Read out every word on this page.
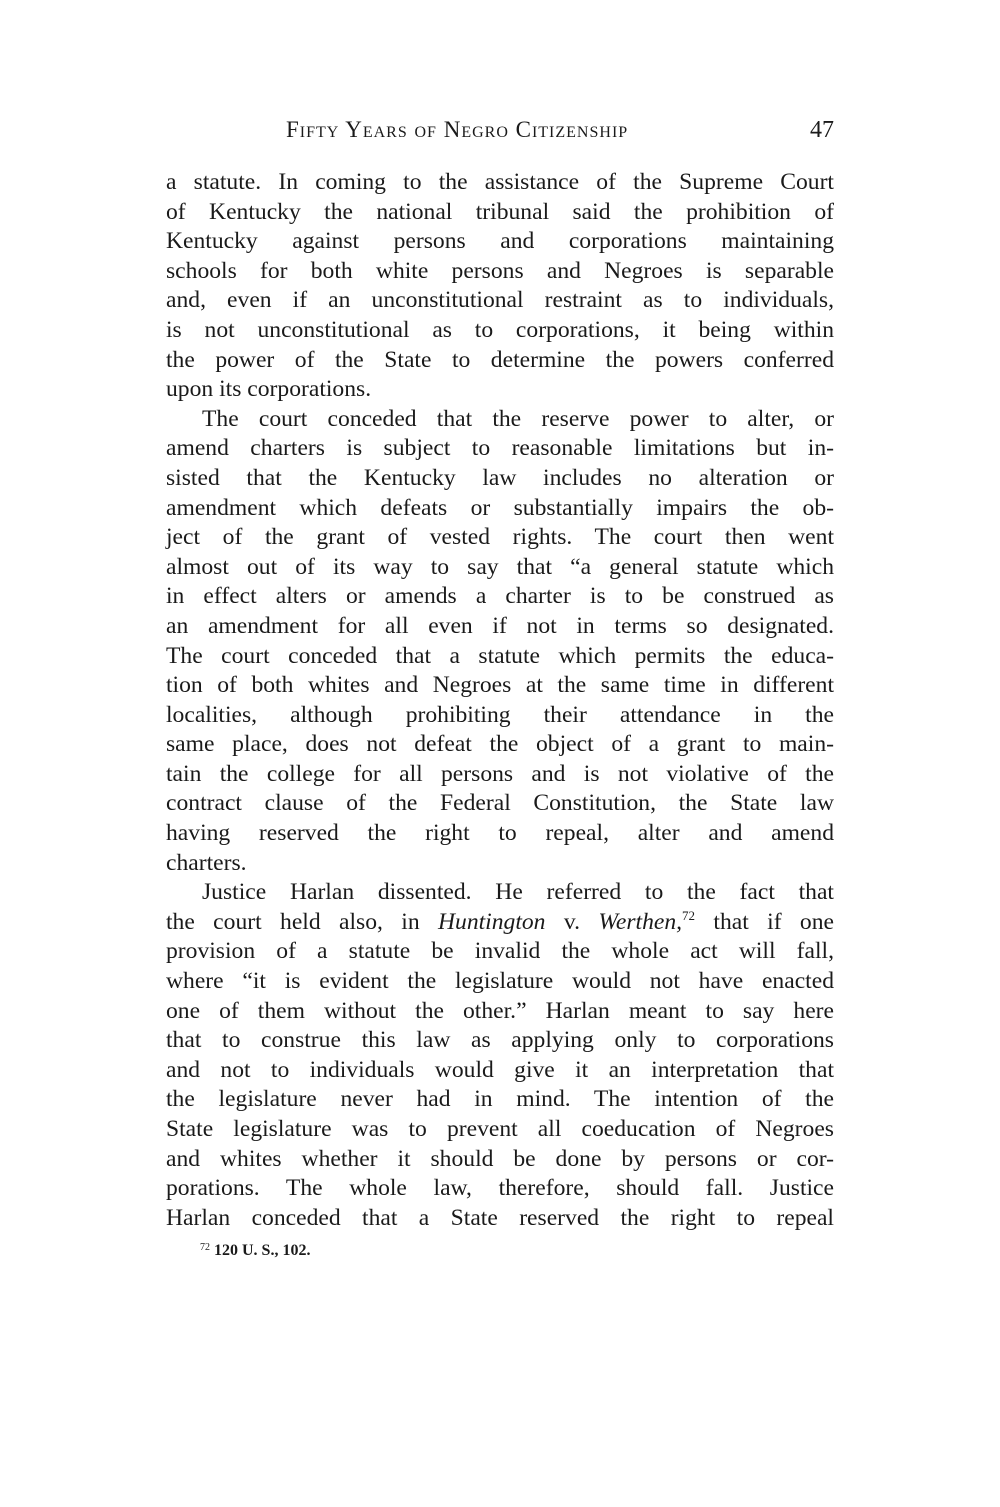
Fifty Years of Negro Citizenship	47

a statute. In coming to the assistance of the Supreme Court
of Kentucky the national tribunal said the prohibition of
Kentucky against persons and corporations maintaining
schools for both white persons and Negroes is separable
and, even if an unconstitutional restraint as to individuals,
is not unconstitutional as to corporations, it being within
the power of the State to determine the powers conferred
upon its corporations.

The court conceded that the reserve power to alter, or
amend charters is subject to reasonable limitations but in-
sisted that the Kentucky law includes no alteration or
amendment which defeats or substantially impairs the ob-
ject of the grant of vested rights. The court then went
almost out of its way to say that “a general statute which
in effect alters or amends a charter is to be construed as
an amendment for all even if not in terms so designated.
The court conceded that a statute which permits the educa-
tion of both whites and Negroes at the same time in different
localities, although prohibiting their attendance in the
same place, does not defeat the object of a grant to main-
tain the college for all persons and is not violative of the
contract clause of the Federal Constitution, the State law
having reserved the right to repeal, alter and amend
charters.

Justice Harlan dissented. He referred to the fact that
the court held also, in Huntington v. Werthen,$^{72}$ that if one
provision of a statute be invalid the whole act will fall,
where “it is evident the legislature would not have enacted
one of them without the other.” Harlan meant to say here
that to construe this law as applying only to corporations
and not to individuals would give it an interpretation that
the legislature never had in mind. The intention of the
State legislature was to prevent all coeducation of Negroes
and whites whether it should be done by persons or cor-
porations. The whole law, therefore, should fall. Justice
Harlan conceded that a State reserved the right to repeal

$^{72}$ 120 U. S., 102.
